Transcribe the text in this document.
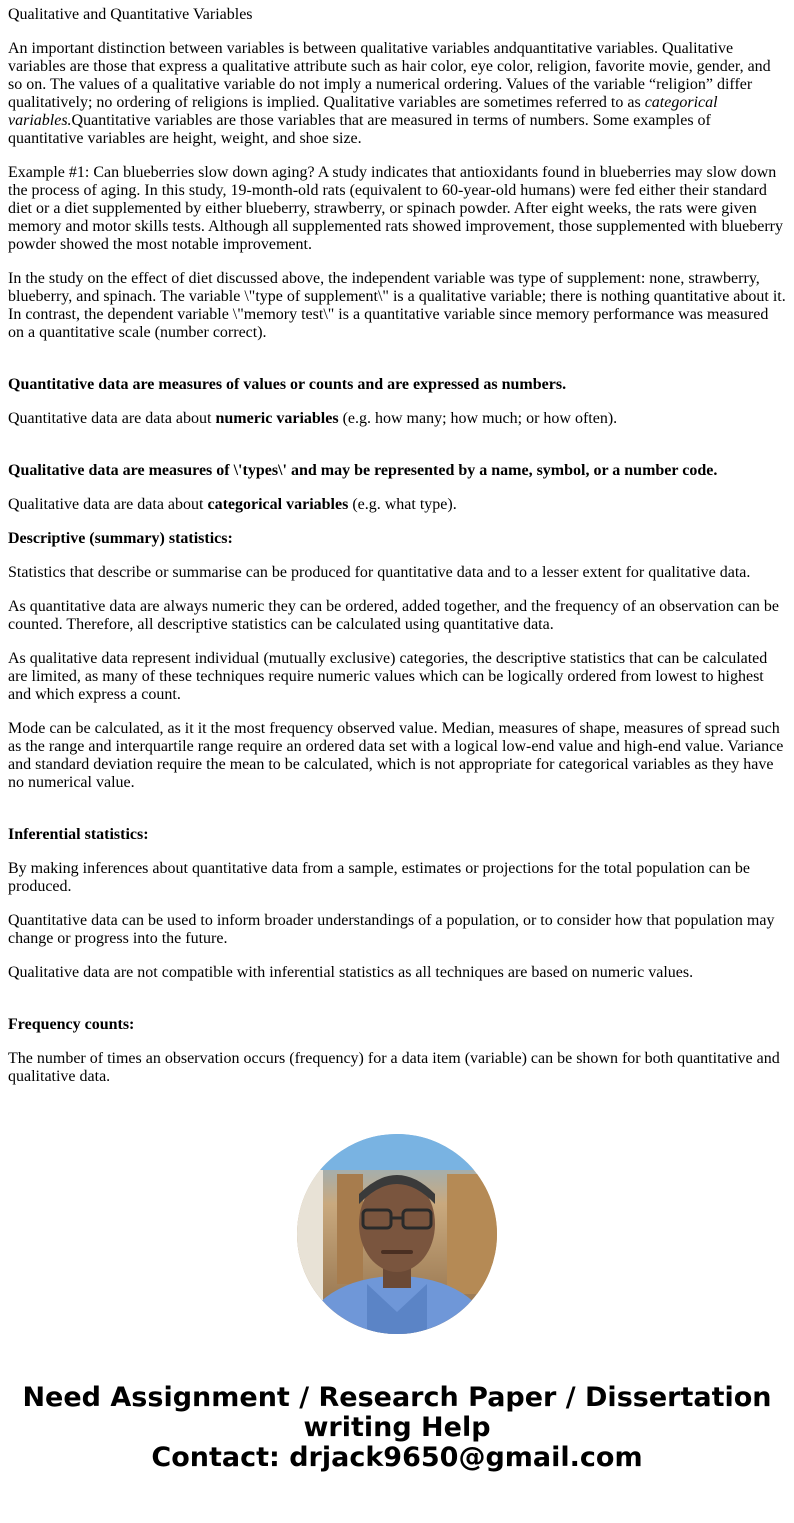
Qualitative and Quantitative Variables

An important distinction between variables is between qualitative variables andquantitative variables. Qualitative variables are those that express a qualitative attribute such as hair color, eye color, religion, favorite movie, gender, and so on. The values of a qualitative variable do not imply a numerical ordering. Values of the variable “religion” differ qualitatively; no ordering of religions is implied. Qualitative variables are sometimes referred to as categorical variables.Quantitative variables are those variables that are measured in terms of numbers. Some examples of quantitative variables are height, weight, and shoe size.

Example #1: Can blueberries slow down aging? A study indicates that antioxidants found in blueberries may slow down the process of aging. In this study, 19-month-old rats (equivalent to 60-year-old humans) were fed either their standard diet or a diet supplemented by either blueberry, strawberry, or spinach powder. After eight weeks, the rats were given memory and motor skills tests. Although all supplemented rats showed improvement, those supplemented with blueberry powder showed the most notable improvement.

In the study on the effect of diet discussed above, the independent variable was type of supplement: none, strawberry, blueberry, and spinach. The variable \"type of supplement\" is a qualitative variable; there is nothing quantitative about it. In contrast, the dependent variable \"memory test\" is a quantitative variable since memory performance was measured on a quantitative scale (number correct).

Quantitative data are measures of values or counts and are expressed as numbers.

Quantitative data are data about numeric variables (e.g. how many; how much; or how often).

Qualitative data are measures of \'types\' and may be represented by a name, symbol, or a number code.

Qualitative data are data about categorical variables (e.g. what type).

Descriptive (summary) statistics:

Statistics that describe or summarise can be produced for quantitative data and to a lesser extent for qualitative data.

As quantitative data are always numeric they can be ordered, added together, and the frequency of an observation can be counted. Therefore, all descriptive statistics can be calculated using quantitative data.

As qualitative data represent individual (mutually exclusive) categories, the descriptive statistics that can be calculated are limited, as many of these techniques require numeric values which can be logically ordered from lowest to highest and which express a count.

Mode can be calculated, as it it the most frequency observed value. Median, measures of shape, measures of spread such as the range and interquartile range require an ordered data set with a logical low-end value and high-end value. Variance and standard deviation require the mean to be calculated, which is not appropriate for categorical variables as they have no numerical value.

Inferential statistics:

By making inferences about quantitative data from a sample, estimates or projections for the total population can be produced.

Quantitative data can be used to inform broader understandings of a population, or to consider how that population may change or progress into the future.

Qualitative data are not compatible with inferential statistics as all techniques are based on numeric values.

Frequency counts:

The number of times an observation occurs (frequency) for a data item (variable) can be shown for both quantitative and qualitative data.

Need Assignment / Research Paper / Dissertation writing Help
Contact: drjack9650@gmail.com
